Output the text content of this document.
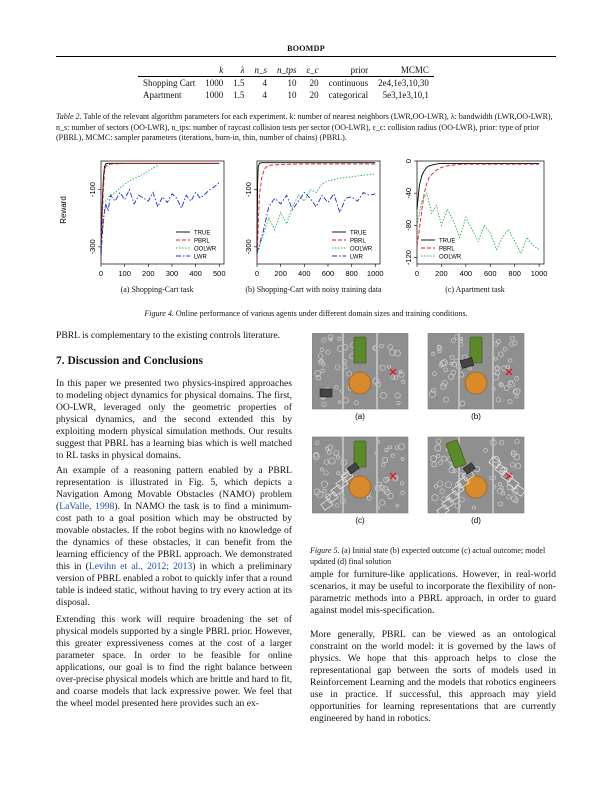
BOOMDP
	k	λ	n_s	n_tps	ε_c	prior	MCMC
Shopping Cart	1000	1.5	4	10	20	continuous	2e4,1e3,10,30
Apartment	1000	1.5	4	10	20	categorical	5e3,1e3,10,1
Table 2. Table of the relevant algorithm parameters for each experiment. k: number of nearest neighbors (LWR,OO-LWR), λ: bandwidth (LWR,OO-LWR), n_s: number of sectors (OO-LWR), n_tps: number of raycast collision tests per sector (OO-LWR), ε_c: collision radius (OO-LWR), prior: type of prior (PBRL), MCMC: sampler parameters (iterations, burn-in, thin, number of chains) (PBRL).
Reward
0 100 200 300 400 500
-300
-100
TRUE
PBRL
OOLWR
LWR
0 200 400 600 800 1000
-300
-100
TRUE
PBRL
OOLWR
LWR
0 200 400 600 800 1000
-120
-80
-40
0
TRUE
PBRL
OOLWR
(a) Shopping-Cart task	(b) Shopping-Cart with noisy training data	(c) Apartment task
Figure 4. Online performance of various agents under different domain sizes and training conditions.
PBRL is complementary to the existing controls literature.
7. Discussion and Conclusions
In this paper we presented two physics-inspired approaches to modeling object dynamics for physical domains. The first, OO-LWR, leveraged only the geometric properties of physical dynamics, and the second extended this by exploiting modern physical simulation methods. Our results suggest that PBRL has a learning bias which is well matched to RL tasks in physical domains.
An example of a reasoning pattern enabled by a PBRL representation is illustrated in Fig. 5, which depicts a Navigation Among Movable Obstacles (NAMO) problem (LaValle, 1998). In NAMO the task is to find a minimum-cost path to a goal position which may be obstructed by movable obstacles. If the robot begins with no knowledge of the dynamics of these obstacles, it can benefit from the learning efficiency of the PBRL approach. We demonstrated this in (Levihn et al., 2012; 2013) in which a preliminary version of PBRL enabled a robot to quickly infer that a round table is indeed static, without having to try every action at its disposal.
Extending this work will require broadening the set of physical models supported by a single PBRL prior. However, this greater expressiveness comes at the cost of a larger parameter space. In order to be feasible for online applications, our goal is to find the right balance between over-precise physical models which are brittle and hard to fit, and coarse models that lack expressive power. We feel that the wheel model presented here provides such an ex-
(a)	(b)
(c)	(d)
Figure 5. (a) Initial state (b) expected outcome (c) actual outcome; model updated (d) final solution
ample for furniture-like applications. However, in real-world scenarios, it may be useful to incorporate the flexibility of non-parametric methods into a PBRL approach, in order to guard against model mis-specification.
More generally, PBRL can be viewed as an ontological constraint on the world model: it is governed by the laws of physics. We hope that this approach helps to close the representational gap between the sorts of models used in Reinforcement Learning and the models that robotics engineers use in practice. If successful, this approach may yield opportunities for learning representations that are currently engineered by hand in robotics.
